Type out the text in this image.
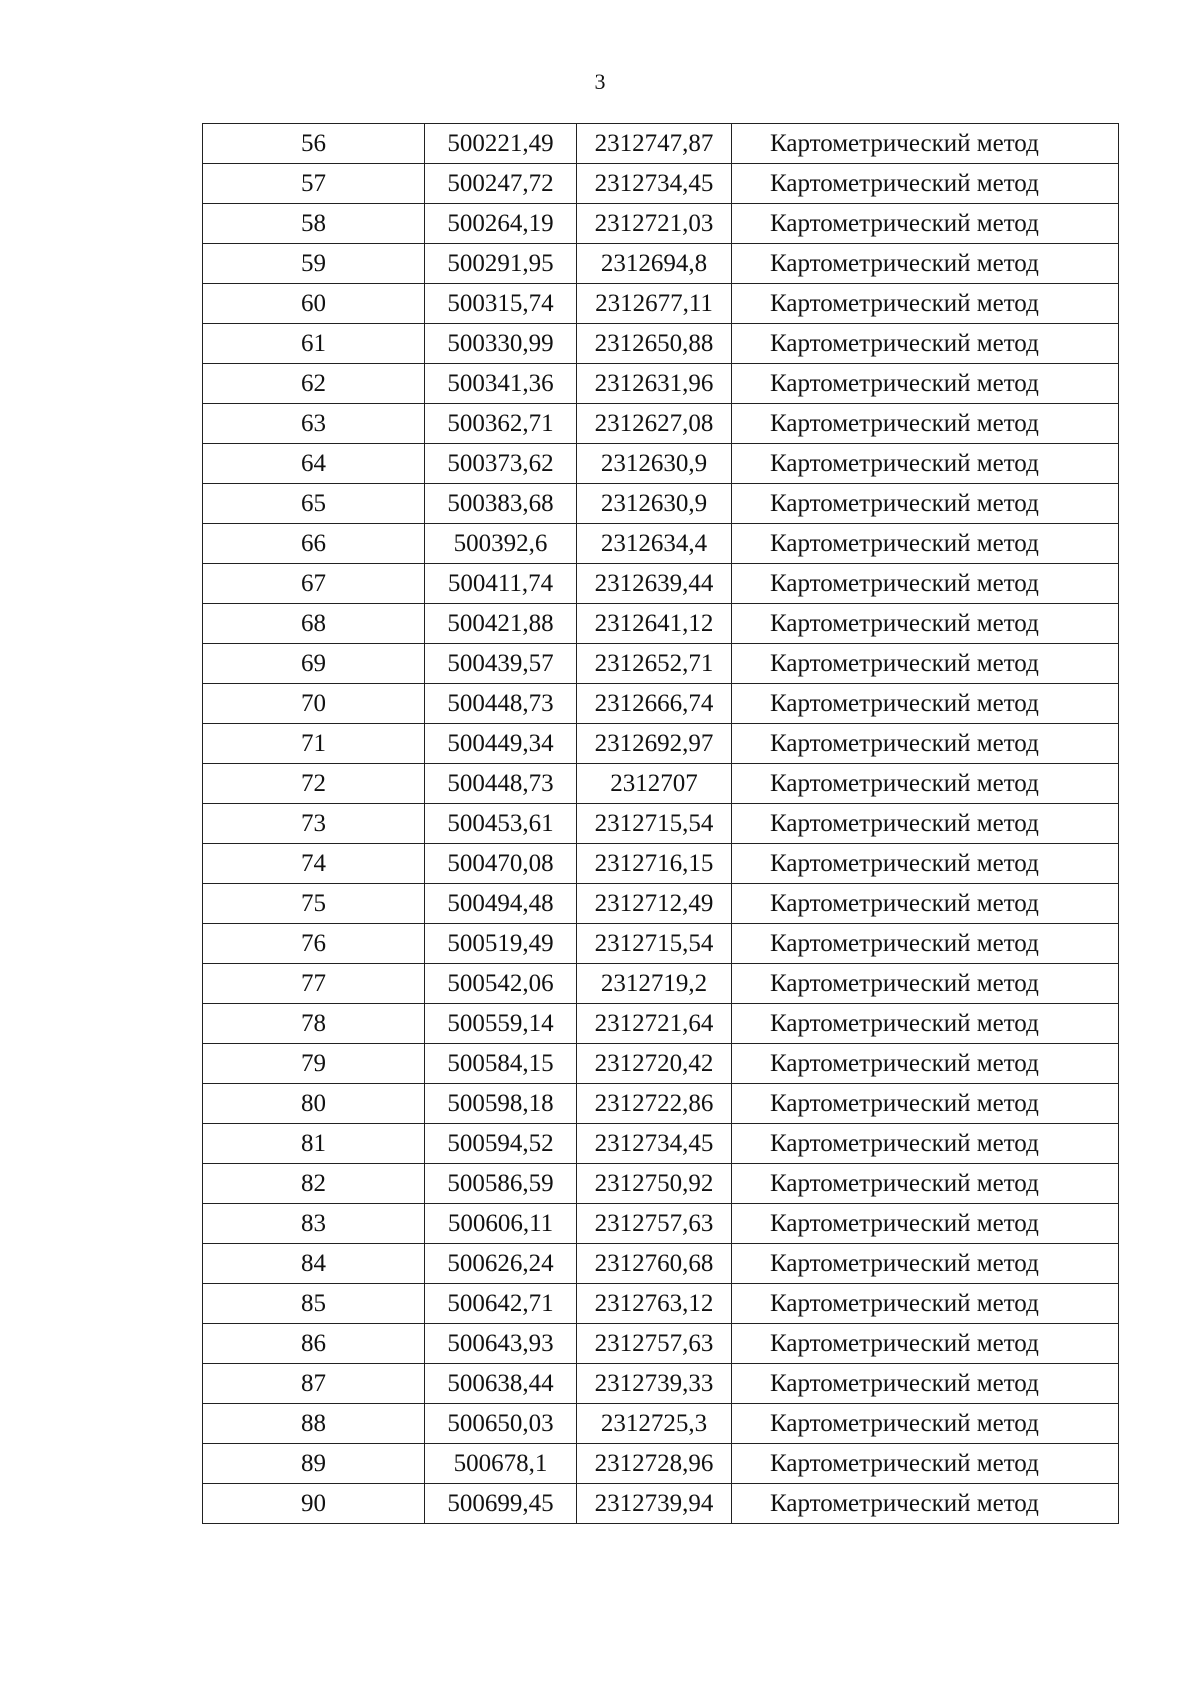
3
56	500221,49	2312747,87	Картометрический метод
57	500247,72	2312734,45	Картометрический метод
58	500264,19	2312721,03	Картометрический метод
59	500291,95	2312694,8	Картометрический метод
60	500315,74	2312677,11	Картометрический метод
61	500330,99	2312650,88	Картометрический метод
62	500341,36	2312631,96	Картометрический метод
63	500362,71	2312627,08	Картометрический метод
64	500373,62	2312630,9	Картометрический метод
65	500383,68	2312630,9	Картометрический метод
66	500392,6	2312634,4	Картометрический метод
67	500411,74	2312639,44	Картометрический метод
68	500421,88	2312641,12	Картометрический метод
69	500439,57	2312652,71	Картометрический метод
70	500448,73	2312666,74	Картометрический метод
71	500449,34	2312692,97	Картометрический метод
72	500448,73	2312707	Картометрический метод
73	500453,61	2312715,54	Картометрический метод
74	500470,08	2312716,15	Картометрический метод
75	500494,48	2312712,49	Картометрический метод
76	500519,49	2312715,54	Картометрический метод
77	500542,06	2312719,2	Картометрический метод
78	500559,14	2312721,64	Картометрический метод
79	500584,15	2312720,42	Картометрический метод
80	500598,18	2312722,86	Картометрический метод
81	500594,52	2312734,45	Картометрический метод
82	500586,59	2312750,92	Картометрический метод
83	500606,11	2312757,63	Картометрический метод
84	500626,24	2312760,68	Картометрический метод
85	500642,71	2312763,12	Картометрический метод
86	500643,93	2312757,63	Картометрический метод
87	500638,44	2312739,33	Картометрический метод
88	500650,03	2312725,3	Картометрический метод
89	500678,1	2312728,96	Картометрический метод
90	500699,45	2312739,94	Картометрический метод
